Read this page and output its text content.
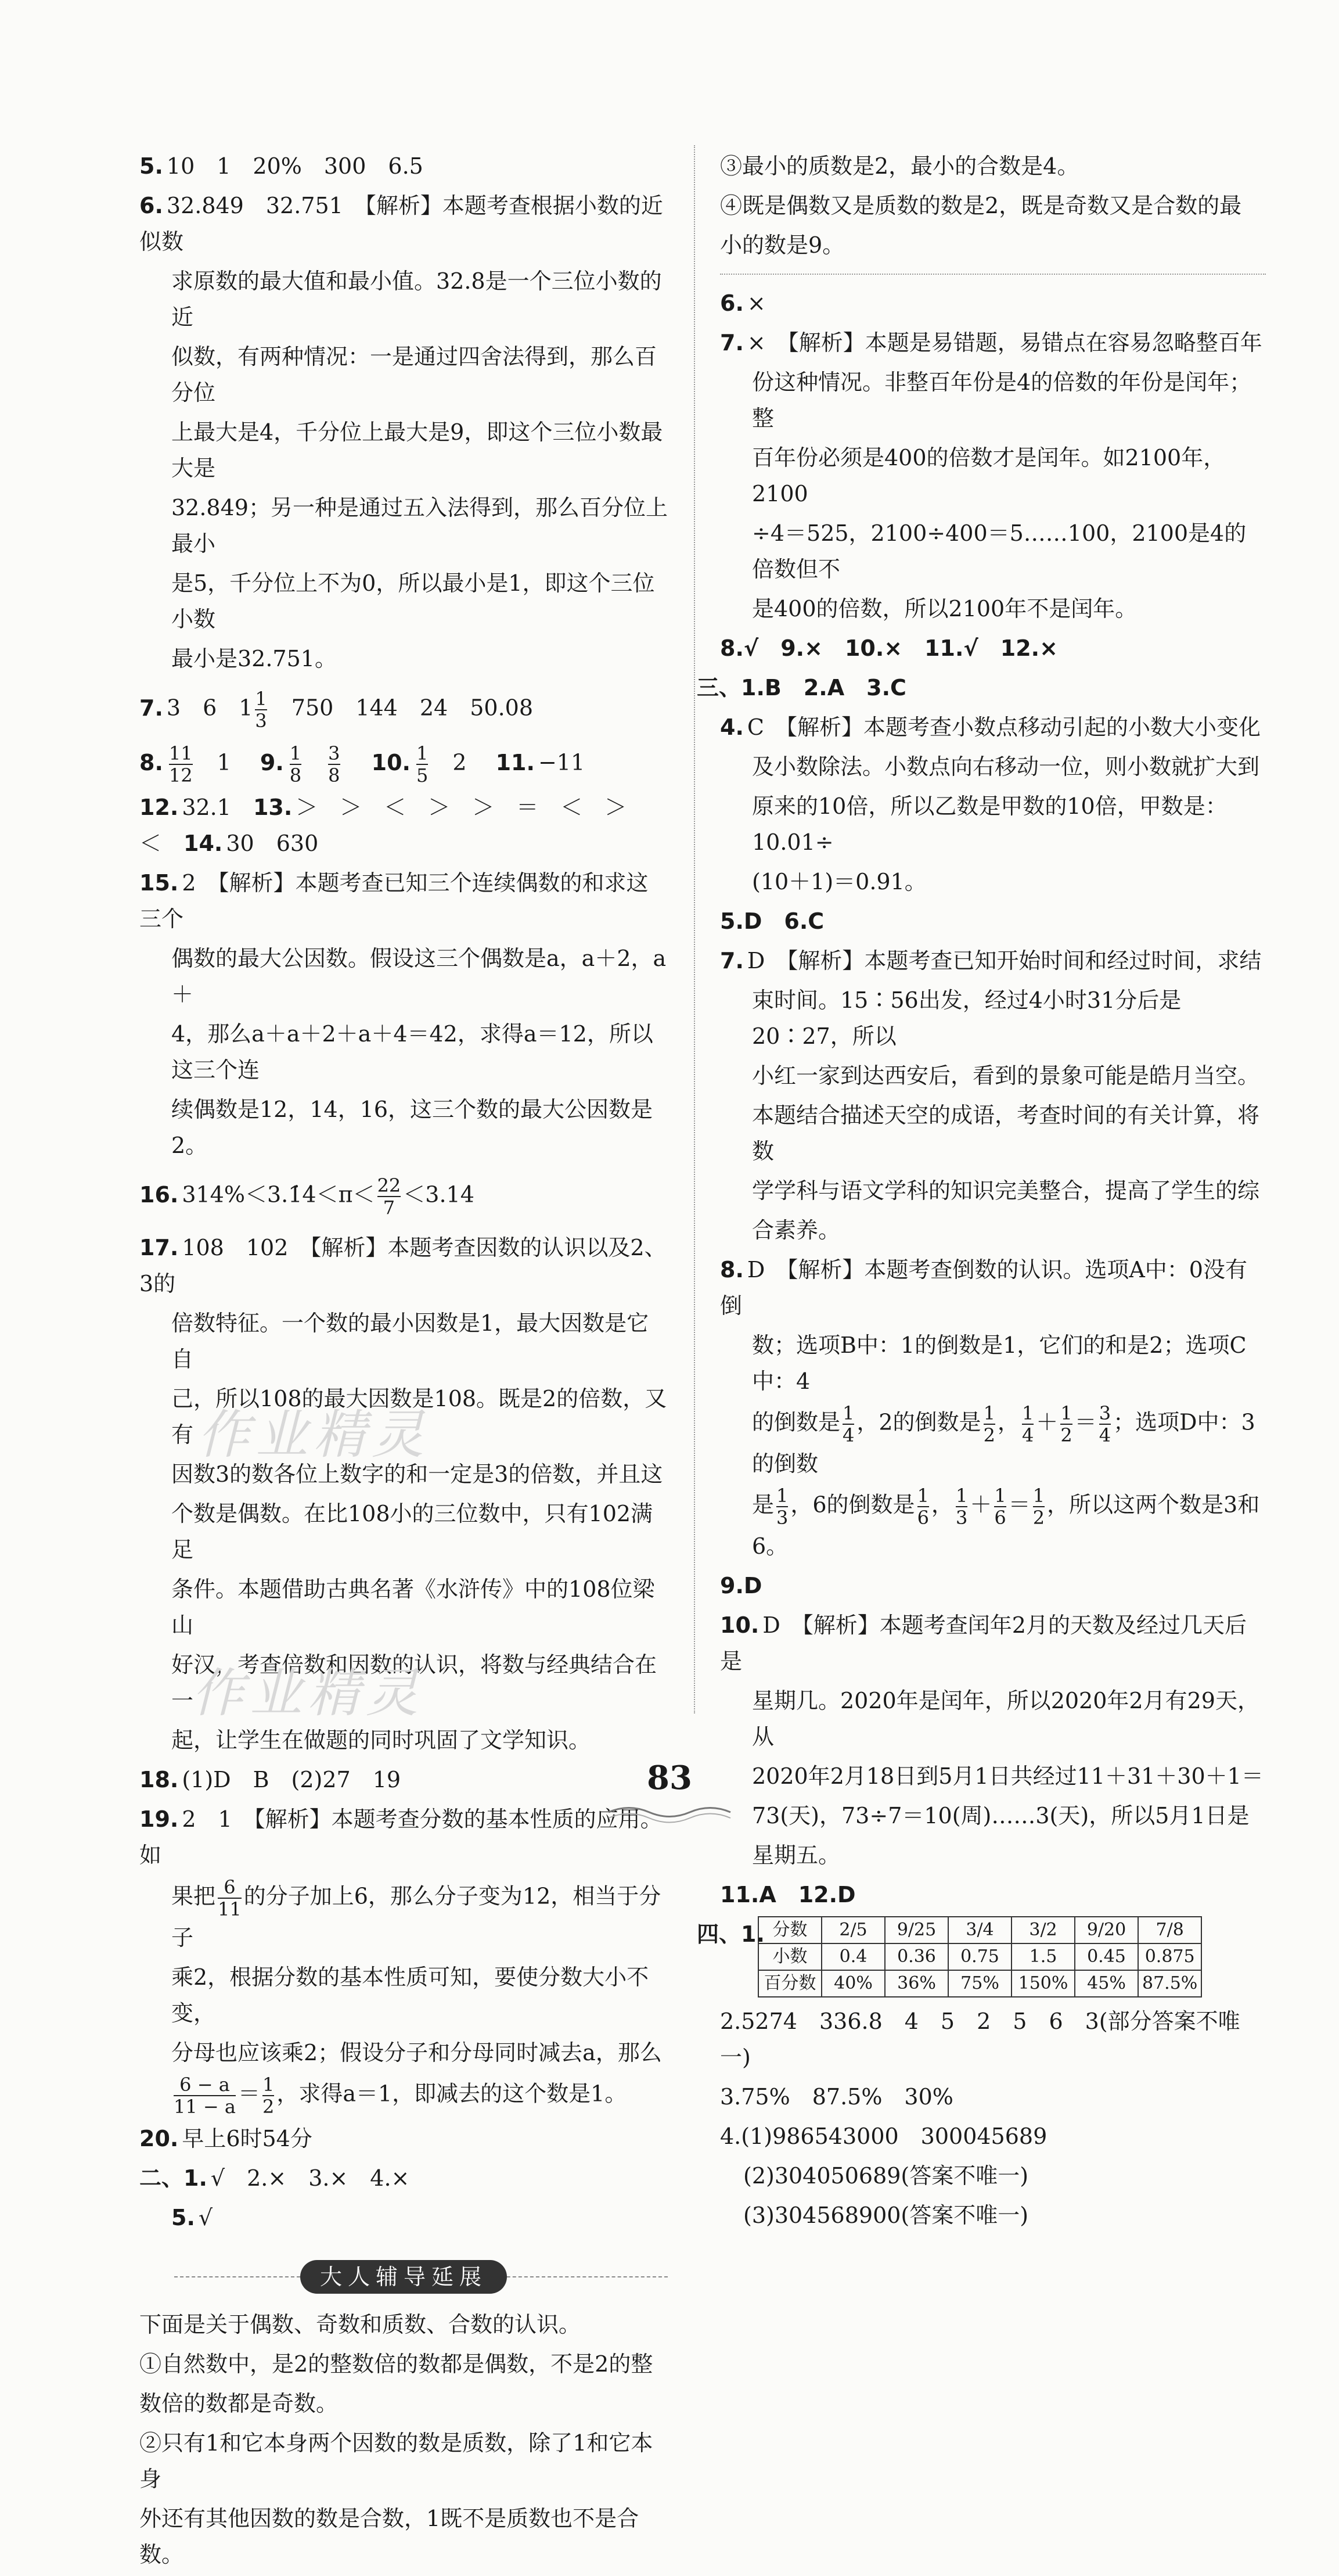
5. 10　1　20%　300　6.5

6. 32.849　32.751　【解析】本题考查根据小数的近似数

求原数的最大值和最小值。32.8是一个三位小数的近

似数，有两种情况：一是通过四舍法得到，那么百分位

上最大是4，千分位上最大是9，即这个三位小数最大是

32.849；另一种是通过五入法得到，那么百分位上最小

是5，千分位上不为0，所以最小是1，即这个三位小数

最小是32.751。

7. 3　6　$1 \frac{1}{3}$
　 750　144　24　50.08

8. $\frac{11}{12}$
　 1　 9. $\frac{1}{8}$
　 $\frac{3}{8}$
　 10. $\frac{1}{5}$
　 2　 11. −11

12. 32.1　 13. ＞　＞　＜　＞　＞　＝　＜　＞　＜　 14. 30　630

15. 2　【解析】本题考查已知三个连续偶数的和求这三个

偶数的最大公因数。假设这三个偶数是a，a＋2，a＋

4，那么a＋a＋2＋a＋4＝42，求得a＝12，所以这三个连

续偶数是12，14，16，这三个数的最大公因数是2。

16. 314%＜3.1̇4̇＜π＜ $\frac{22}{7}$ ＜3.14̇

17. 108　102　【解析】本题考查因数的认识以及2、3的

倍数特征。一个数的最小因数是1，最大因数是它自

己，所以108的最大因数是108。既是2的倍数，又有

因数3的数各位上数字的和一定是3的倍数，并且这

个数是偶数。在比108小的三位数中，只有102满足

条件。本题借助古典名著《水浒传》中的108位梁山

好汉，考查倍数和因数的认识，将数与经典结合在一

起，让学生在做题的同时巩固了文学知识。

18. (1)D　B　(2)27　19

19. 2　1　【解析】本题考查分数的基本性质的应用。如

果把 $\frac{6}{11}$ 的分子加上6，那么分子变为12，相当于分子

乘2，根据分数的基本性质可知，要使分数大小不变，

分母也应该乘2；假设分子和分母同时减去a，那么

$\frac{6 - a}{11 - a} = \frac{1}{2}$ ，求得a＝1，即减去的这个数是1。

20. 早上6时54分

二、1. √　2.×　3.×　4.×

5. √

大人辅导延展

下面是关于偶数、奇数和质数、合数的认识。

①自然数中，是2的整数倍的数都是偶数，不是2的整

数倍的数都是奇数。

②只有1和它本身两个因数的数是质数，除了1和它本身

外还有其他因数的数是合数，1既不是质数也不是合数。

作业精灵
作业精灵

③最小的质数是2，最小的合数是4。

④既是偶数又是质数的数是2，既是奇数又是合数的最

小的数是9。

6. ×

7. ×　【解析】本题是易错题，易错点在容易忽略整百年

份这种情况。非整百年份是4的倍数的年份是闰年；整

百年份必须是400的倍数才是闰年。如2100年，2100

÷4＝525，2100÷400＝5……100，2100是4的倍数但不

是400的倍数，所以2100年不是闰年。

8.√　9.×　10.×　11.√　12.×

三、1.B　2.A　3.C

4. C　【解析】本题考查小数点移动引起的小数大小变化

及小数除法。小数点向右移动一位，则小数就扩大到

原来的10倍，所以乙数是甲数的10倍，甲数是：10.01÷

(10＋1)＝0.91。

5.D　6.C

7. D　【解析】本题考查已知开始时间和经过时间，求结

束时间。15∶56出发，经过4小时31分后是20∶27，所以

小红一家到达西安后，看到的景象可能是皓月当空。

本题结合描述天空的成语，考查时间的有关计算，将数

学学科与语文学科的知识完美整合，提高了学生的综

合素养。

8. D　【解析】本题考查倒数的认识。选项A中：0没有倒

数；选项B中：1的倒数是1，它们的和是2；选项C中：4

的倒数是 $\frac{1}{4}$ ，2的倒数是 $\frac{1}{2}$ ， $\frac{1}{4} + \frac{1}{2} = \frac{3}{4}$ ；选项D中：3的倒数

是 $\frac{1}{3}$ ，6的倒数是 $\frac{1}{6}$ ， $\frac{1}{3} + \frac{1}{6} = \frac{1}{2}$ ，所以这两个数是3和6。

9.D

10. D　【解析】本题考查闰年2月的天数及经过几天后是

星期几。2020年是闰年，所以2020年2月有29天，从

2020年2月18日到5月1日共经过11＋31＋30＋1＝

73(天)，73÷7＝10(周)……3(天)，所以5月1日是

星期五。

11.A　12.D

四、1. 分数	2/5	9/25	3/4	3/2	9/20	7/8
小数	0.4	0.36	0.75	1.5	0.45	0.875
百分数	40%	36%	75%	150%	45%	87.5%

2.5274　336.8　4　5　2　5　6　3(部分答案不唯一)

3.75%　87.5%　30%

4.(1)986543000　300045689

(2)304050689(答案不唯一)

(3)304568900(答案不唯一)

83
